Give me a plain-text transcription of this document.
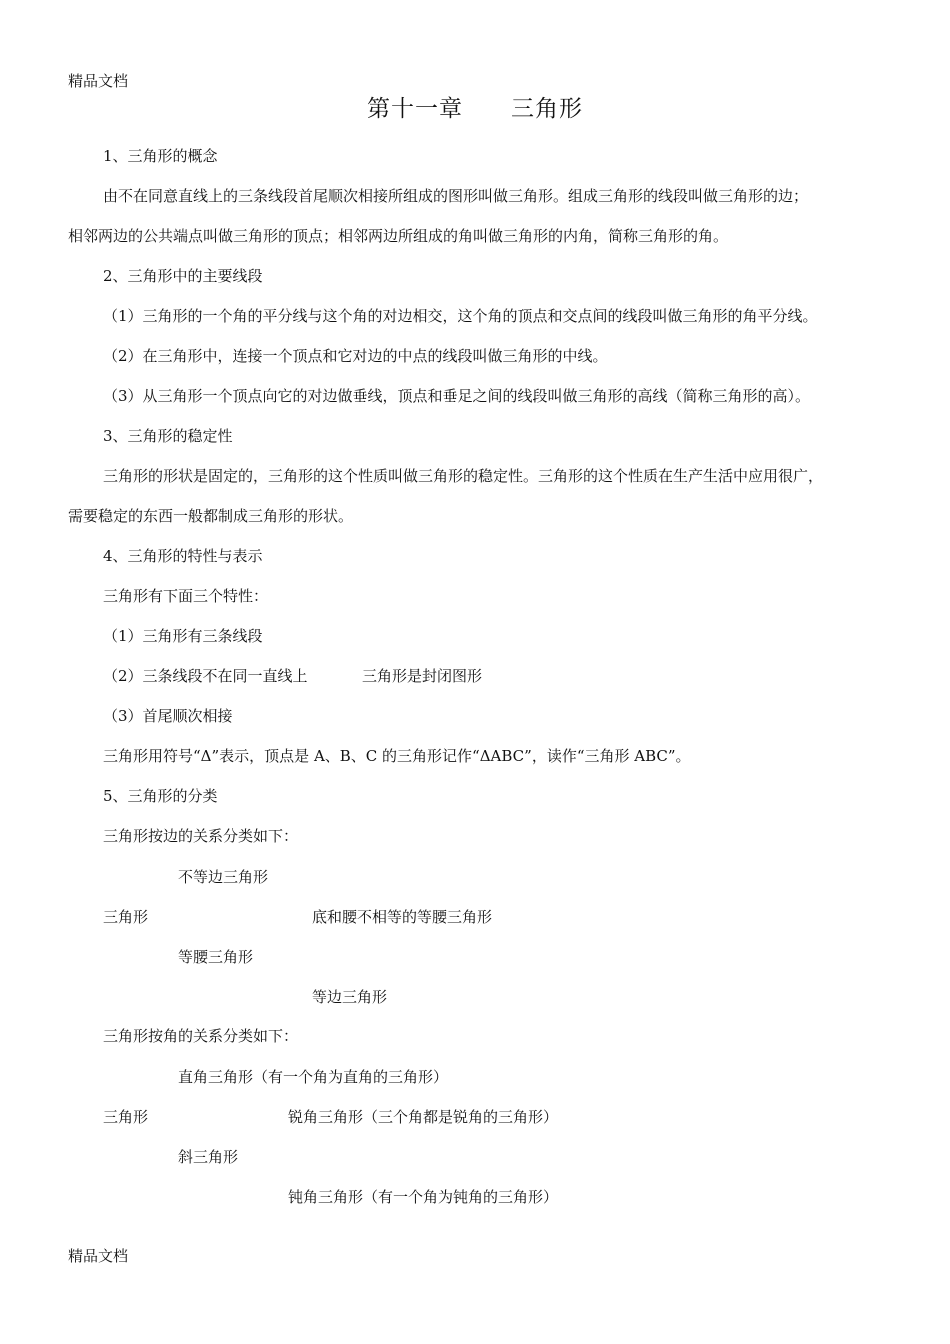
精品文档
第十一章　　三角形
1、三角形的概念
由不在同意直线上的三条线段首尾顺次相接所组成的图形叫做三角形。组成三角形的线段叫做三角形的边；
相邻两边的公共端点叫做三角形的顶点；相邻两边所组成的角叫做三角形的内角，简称三角形的角。
2、三角形中的主要线段
（1）三角形的一个角的平分线与这个角的对边相交，这个角的顶点和交点间的线段叫做三角形的角平分线。
（2）在三角形中，连接一个顶点和它对边的中点的线段叫做三角形的中线。
（3）从三角形一个顶点向它的对边做垂线，顶点和垂足之间的线段叫做三角形的高线（简称三角形的高）。
3、三角形的稳定性
三角形的形状是固定的，三角形的这个性质叫做三角形的稳定性。三角形的这个性质在生产生活中应用很广，
需要稳定的东西一般都制成三角形的形状。
4、三角形的特性与表示
三角形有下面三个特性：
（1）三角形有三条线段
（2）三条线段不在同一直线上	三角形是封闭图形
（3）首尾顺次相接
三角形用符号“Δ”表示，顶点是 A、B、C 的三角形记作“ΔABC”，读作“三角形 ABC”。
5、三角形的分类
三角形按边的关系分类如下：
不等边三角形
三角形	底和腰不相等的等腰三角形
等腰三角形
等边三角形
三角形按角的关系分类如下：
直角三角形（有一个角为直角的三角形）
三角形	锐角三角形（三个角都是锐角的三角形）
斜三角形
钝角三角形（有一个角为钝角的三角形）
精品文档
